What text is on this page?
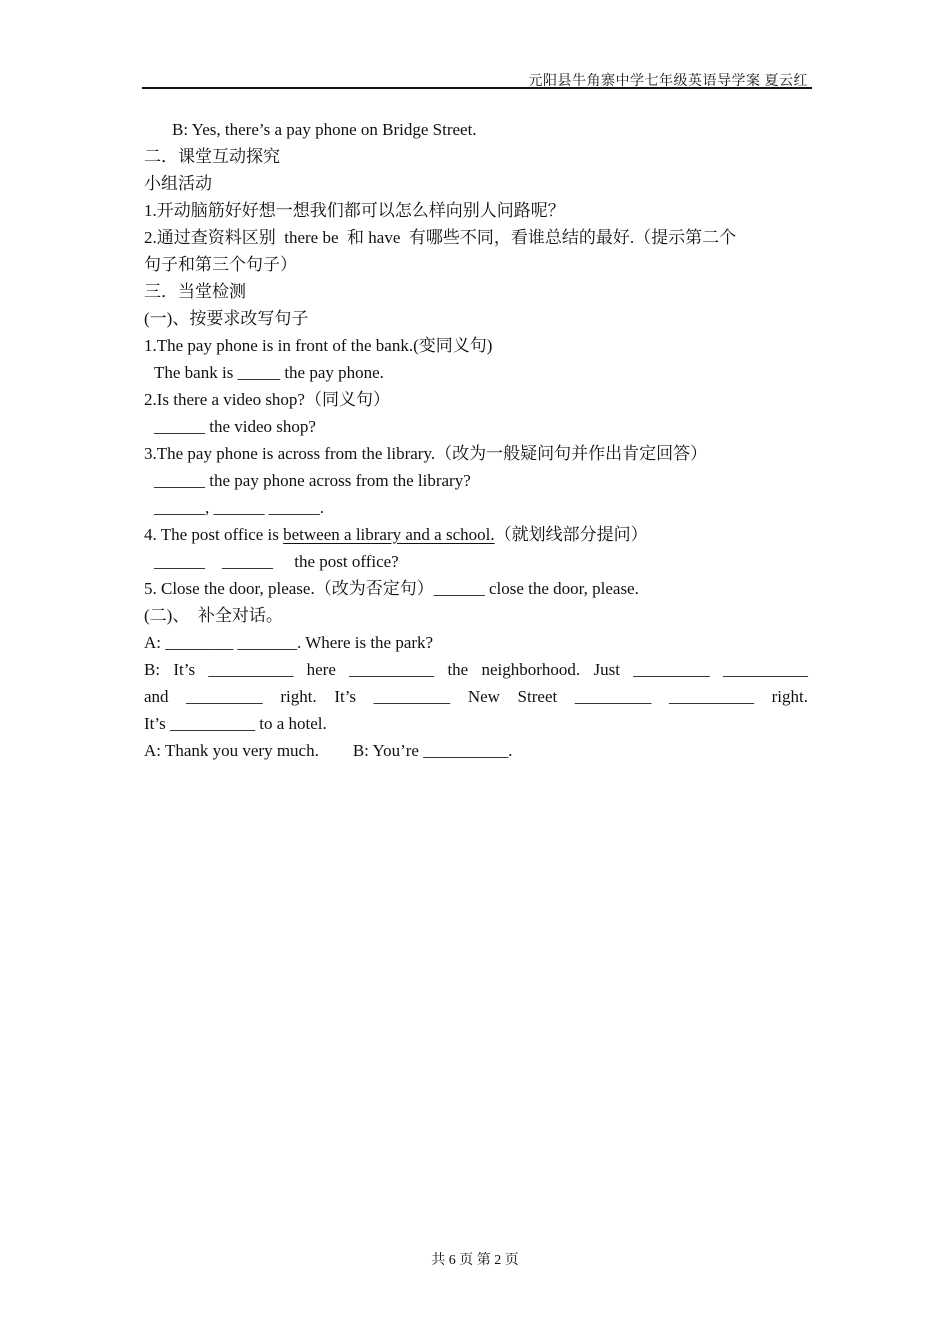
元阳县牛角寨中学七年级英语导学案 夏云红
B: Yes, there’s a pay phone on Bridge Street.
二．课堂互动探究
小组活动
1.开动脑筋好好想一想我们都可以怎么样向别人问路呢？
2.通过查资料区别  there be  和 have  有哪些不同，看谁总结的最好.（提示第二个
句子和第三个句子）
三．当堂检测
(一)、按要求改写句子
1.The pay phone is in front of the bank.(变同义句)
The bank is _____ the pay phone.
2.Is there a video shop?（同义句）
______ the video shop?
3.The pay phone is across from the library.（改为一般疑问句并作出肯定回答）
______ the pay phone across from the library?
______, ______ ______.
4. The post office is between a library and a school.（就划线部分提问）
______    ______     the post office?
5. Close the door, please.（改为否定句）______ close the door, please.
(二)、  补全对话。
A: ________ _______. Where is the park?
B: It’s __________ here __________ the neighborhood. Just _________ __________
and _________ right. It’s _________ New Street _________ __________ right.
It’s __________ to a hotel.
A: Thank you very much.        B: You’re __________.
共 6 页 第 2 页
